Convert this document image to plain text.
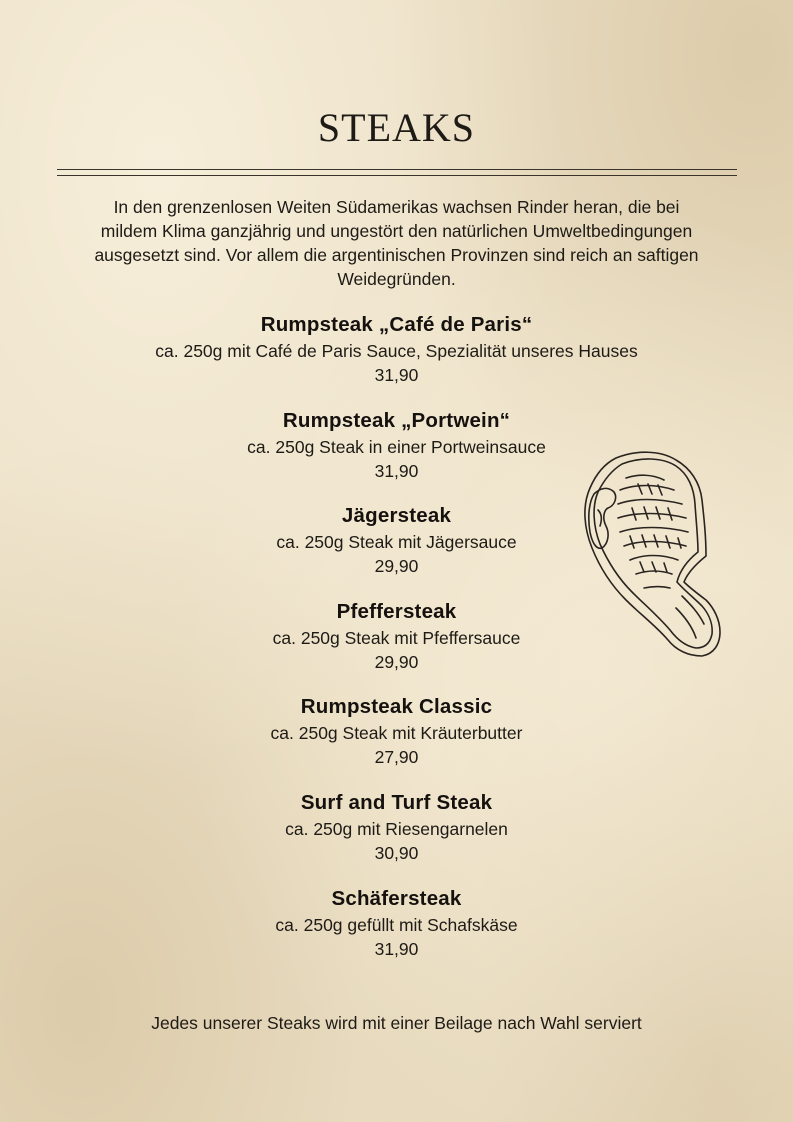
STEAKS
In den grenzenlosen Weiten Südamerikas wachsen Rinder heran, die bei mildem Klima ganzjährig und ungestört den natürlichen Umweltbedingungen ausgesetzt sind. Vor allem die argentinischen Provinzen sind reich an saftigen Weidegründen.
Rumpsteak „Café de Paris“
ca. 250g mit Café de Paris Sauce, Spezialität unseres Hauses
31,90
Rumpsteak „Portwein“
ca. 250g Steak in einer Portweinsauce
31,90
Jägersteak
ca. 250g Steak mit Jägersauce
29,90
Pfeffersteak
ca. 250g Steak mit Pfeffersauce
29,90
Rumpsteak Classic
ca. 250g Steak mit Kräuterbutter
27,90
Surf and Turf Steak
ca. 250g mit Riesengarnelen
30,90
Schäfersteak
ca. 250g gefüllt mit Schafskäse
31,90
Jedes unserer Steaks wird mit einer Beilage nach Wahl serviert
